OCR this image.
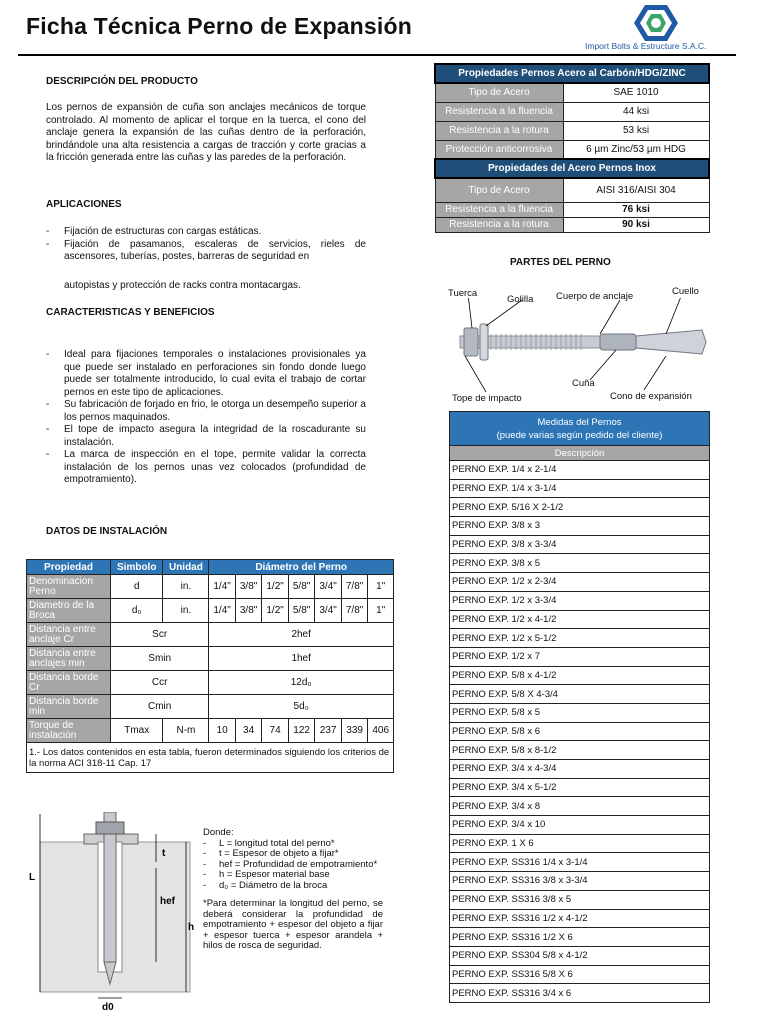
Ficha Técnica Perno de Expansión
Import Bolts & Estructure S.A.C.
DESCRIPCIÓN DEL PRODUCTO
Los pernos de expansión de cuña son anclajes mecánicos de torque controlado. Al momento de aplicar el torque en la tuerca, el cono del anclaje genera la expansión de las cuñas dentro de la perforación, brindándole una alta resistencia a cargas de tracción y corte gracias a la fricción generada entre las cuñas y las paredes de la perforación.
APLICACIONES
- Fijación de estructuras con cargas estáticas.
- Fijación de pasamanos, escaleras de servicios, rieles de ascensores, tuberías, postes, barreras de seguridad en
autopistas y protección de racks contra montacargas.
CARACTERISTICAS Y BENEFICIOS
- Ideal para fijaciones temporales o instalaciones provisionales ya que puede ser instalado en perforaciones sin fondo donde luego puede ser totalmente introducido, lo cual evita el trabajo de cortar pernos en este tipo de aplicaciones.
- Su fabricación de forjado en frio, le otorga un desempeño superior a los pernos maquinados.
- El tope de impacto asegura la integridad de la roscadurante su instalación.
- La marca de inspección en el tope, permite validar la correcta instalación de los pernos unas vez colocados (profundidad de empotramiento).
DATOS DE INSTALACIÓN
Propiedades Pernos Acero al Carbón/HDG/ZINC	
Tipo de Acero	SAE 1010
Resistencia a la fluencia	44 ksi
Resistencia a la rotura	53 ksi
Protección anticorrosiva	6 µm Zinc/53 µm HDG
Propiedades del Acero Pernos Inox	
Tipo de Acero	AISI 316/AISI 304
Resistencia a la fluencia	76 ksi
Resistencia a la rotura	90 ksi
PARTES DEL PERNO
Tuerca
Golilla Cuerpo de anclaje	Cuello
Tope de impacto
Cuña
Cono de expansión
Propiedad	Simbolo	Unidad	Diámetro del Perno						
Denominacion Perno	d	in.	1/4"	3/8"	1/2"	5/8"	3/4"	7/8"	1"
Diametro de la Broca	d₀	in.	1/4"	3/8"	1/2"	5/8"	3/4"	7/8"	1"
Distancia entre anclaje Cr	Scr		2hef						
Distancia entre anclajes min	Smin		1hef						
Distancia borde Cr	Ccr		12d₀						
Distancia borde min	Cmin		5d₀						
Torque de instalación	Tmax	N-m	10	34	74	122	237	339	406
1.- Los datos contenidos en esta tabla, fueron determinados siguiendo los criterios de la norma ACI 318-11 Cap. 17									
L
t
hef
h
d0
Donde:
- L = longitud total del perno*
- t = Espesor de objeto a fijar*
- hef = Profundidad de empotramiento*
- h = Espesor material base
- d₀ = Diámetro de la broca
*Para determinar la longitud del perno, se deberá considerar la profundidad de empotramiento + espesor del objeto a fijar + espesor tuerca + espesor arandela + hilos de rosca de seguridad.
Medidas del Pernos
(puede varias según pedido del cliente)

Descripción
PERNO EXP. 1/4 x 2-1/4
PERNO EXP. 1/4 x 3-1/4
PERNO EXP. 5/16 X 2-1/2
PERNO EXP. 3/8 x 3
PERNO EXP. 3/8 x 3-3/4
PERNO EXP. 3/8 x 5
PERNO EXP. 1/2 x 2-3/4
PERNO EXP. 1/2 x 3-3/4
PERNO EXP. 1/2 x 4-1/2
PERNO EXP. 1/2 x 5-1/2
PERNO EXP. 1/2 x 7
PERNO EXP. 5/8 x 4-1/2
PERNO EXP. 5/8 X 4-3/4
PERNO EXP. 5/8 x 5
PERNO EXP. 5/8 x 6
PERNO EXP. 5/8 x 8-1/2
PERNO EXP. 3/4 x 4-3/4
PERNO EXP. 3/4 x 5-1/2
PERNO EXP. 3/4 x 8
PERNO EXP. 3/4 x 10
PERNO EXP. 1 X 6
PERNO EXP. SS316 1/4 x 3-1/4
PERNO EXP. SS316 3/8 x 3-3/4
PERNO EXP. SS316 3/8 x 5
PERNO EXP. SS316 1/2 x 4-1/2
PERNO EXP. SS316 1/2 X 6
PERNO EXP. SS304 5/8 x 4-1/2
PERNO EXP. SS316 5/8 X 6
PERNO EXP. SS316 3/4 x 6
